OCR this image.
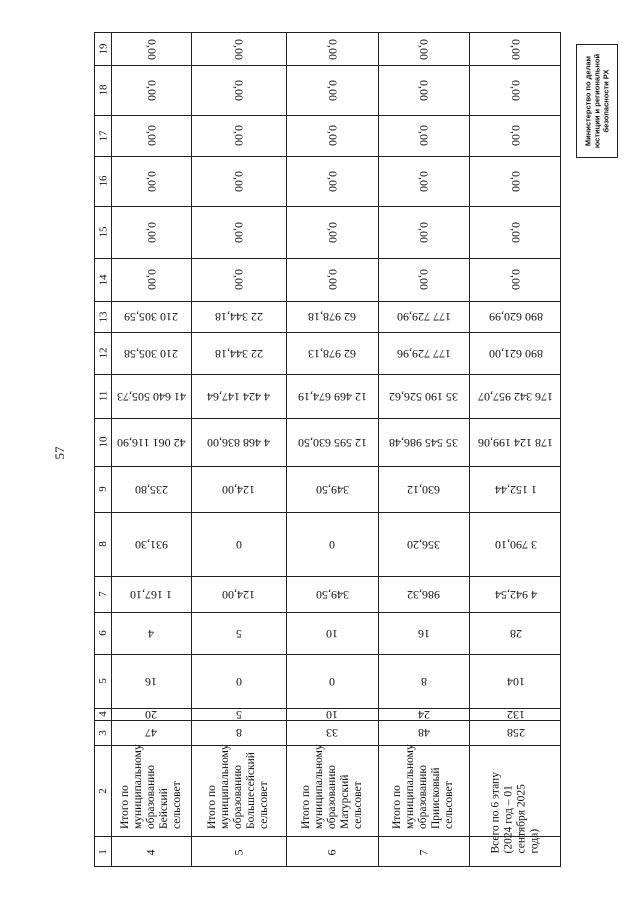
57
Министерство по делам юстиции и региональной безопасности РХ
1
2
3
4
5
6
7
8
9
10
11
12
13
14
15
16
17
18
19
4
Итого по муниципальному образованию Бейский сельсовет
47
20
16
4
1 167,10
931,30
235,80
42 061 116,90
41 640 505,73
210 305,58
210 305,59
0,00
0,00
0,00
0,00
0,00
0,00
5
Итого по муниципальному образованию Большесейский сельсовет
8
5
0
5
124,00
0
124,00
4 468 836,00
4 424 147,64
22 344,18
22 344,18
0,00
0,00
0,00
0,00
0,00
0,00
6
Итого по муниципальному образованию Матурский сельсовет
33
10
0
10
349,50
0
349,50
12 595 630,50
12 469 674,19
62 978,13
62 978,18
0,00
0,00
0,00
0,00
0,00
0,00
7
Итого по муниципальному образованию Приисковый сельсовет
48
24
8
16
986,32
356,20
630,12
35 545 986,48
35 190 526,62
177 729,96
177 729,90
0,00
0,00
0,00
0,00
0,00
0,00
Всего по 6 этапу (2024 год – 01 сентября 2025 года)
258
132
104
28
4 942,54
3 790,10
1 152,44
178 124 199,06
176 342 957,07
890 621,00
890 620,99
0,00
0,00
0,00
0,00
0,00
0,00
